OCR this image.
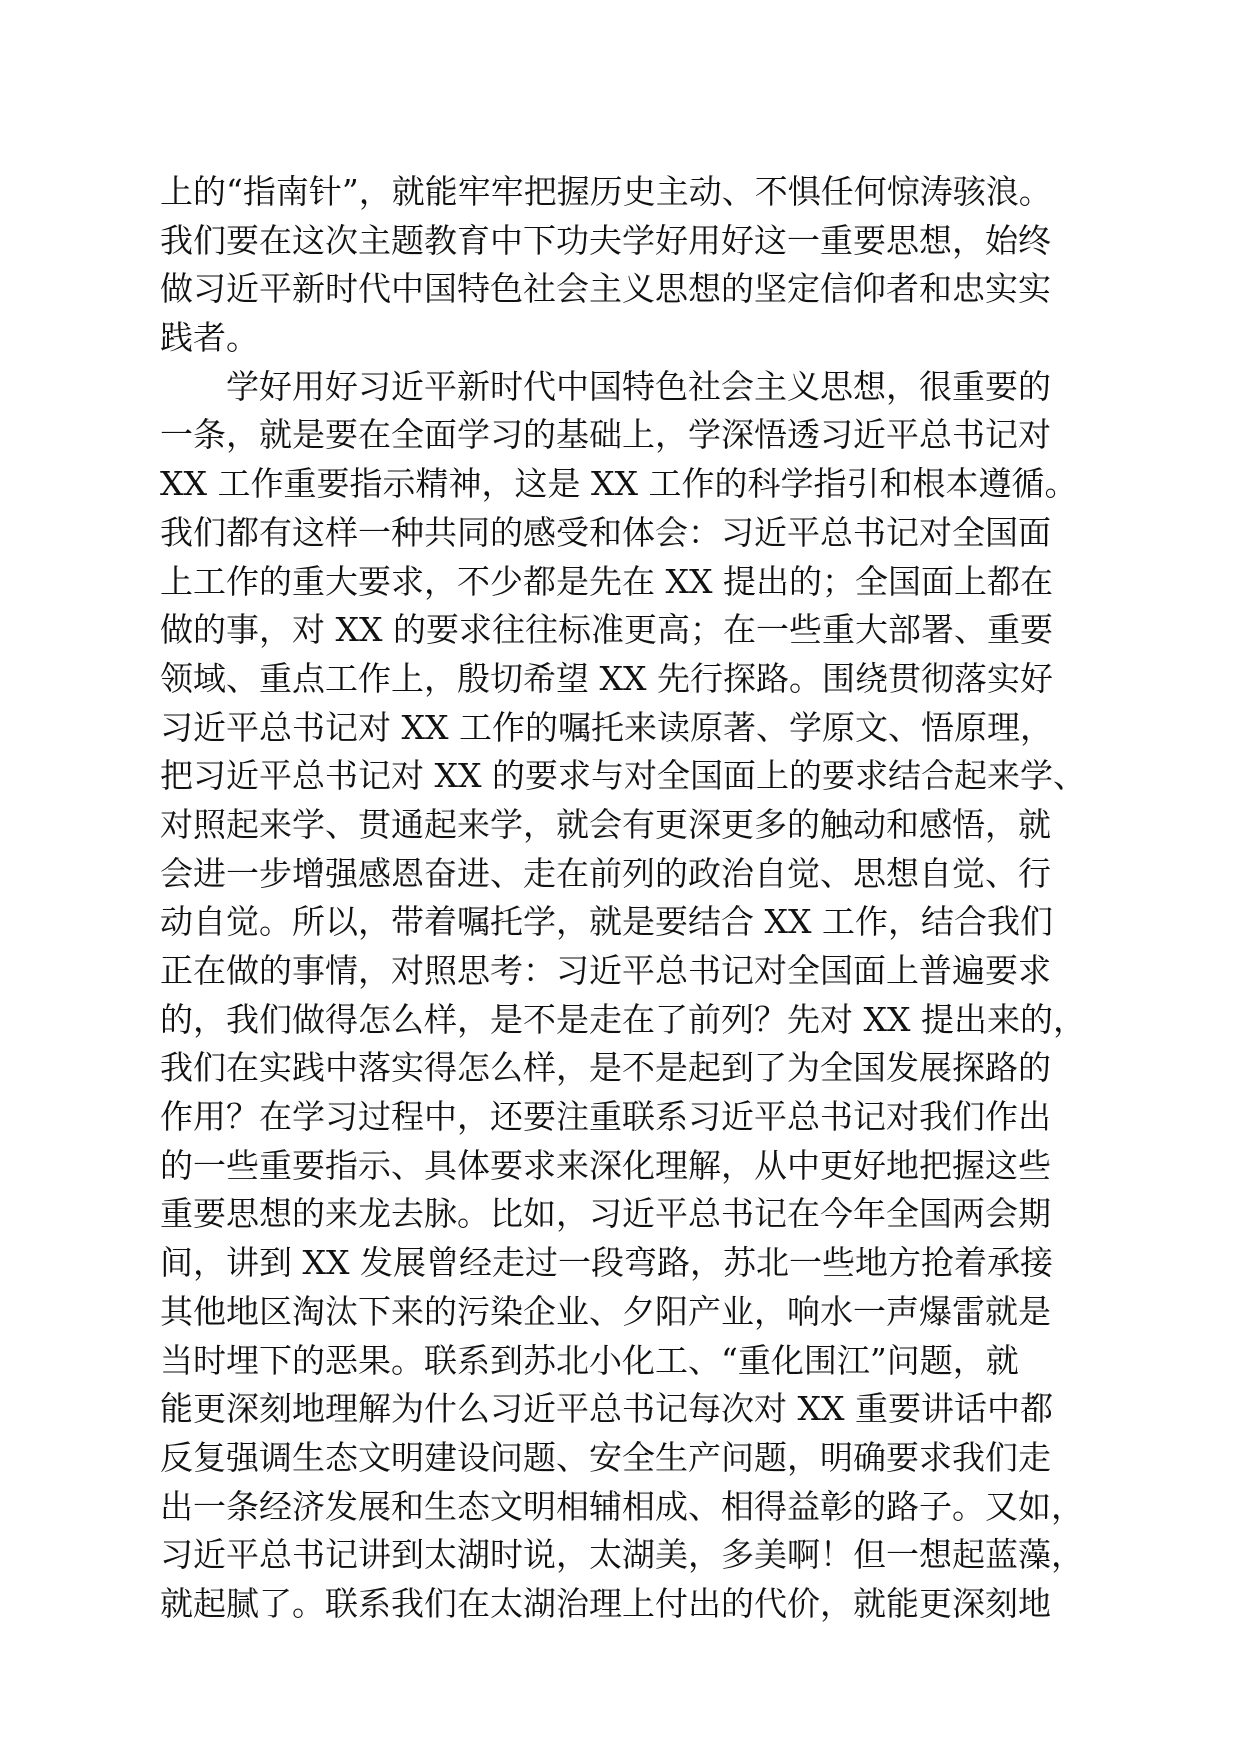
上的“指南针”，就能牢牢把握历史主动、不惧任何惊涛骇浪。
我们要在这次主题教育中下功夫学好用好这一重要思想，始终
做习近平新时代中国特色社会主义思想的坚定信仰者和忠实实
践者。
学好用好习近平新时代中国特色社会主义思想，很重要的
一条，就是要在全面学习的基础上，学深悟透习近平总书记对
XX 工作重要指示精神，这是 XX 工作的科学指引和根本遵循。
我们都有这样一种共同的感受和体会：习近平总书记对全国面
上工作的重大要求，不少都是先在 XX 提出的；全国面上都在
做的事，对 XX 的要求往往标准更高；在一些重大部署、重要
领域、重点工作上，殷切希望 XX 先行探路。围绕贯彻落实好
习近平总书记对 XX 工作的嘱托来读原著、学原文、悟原理，
把习近平总书记对 XX 的要求与对全国面上的要求结合起来学、
对照起来学、贯通起来学，就会有更深更多的触动和感悟，就
会进一步增强感恩奋进、走在前列的政治自觉、思想自觉、行
动自觉。所以，带着嘱托学，就是要结合 XX 工作，结合我们
正在做的事情，对照思考：习近平总书记对全国面上普遍要求
的，我们做得怎么样，是不是走在了前列？先对 XX 提出来的，
我们在实践中落实得怎么样，是不是起到了为全国发展探路的
作用？在学习过程中，还要注重联系习近平总书记对我们作出
的一些重要指示、具体要求来深化理解，从中更好地把握这些
重要思想的来龙去脉。比如，习近平总书记在今年全国两会期
间，讲到 XX 发展曾经走过一段弯路，苏北一些地方抢着承接
其他地区淘汰下来的污染企业、夕阳产业，响水一声爆雷就是
当时埋下的恶果。联系到苏北小化工、“重化围江”问题，就
能更深刻地理解为什么习近平总书记每次对 XX 重要讲话中都
反复强调生态文明建设问题、安全生产问题，明确要求我们走
出一条经济发展和生态文明相辅相成、相得益彰的路子。又如，
习近平总书记讲到太湖时说，太湖美，多美啊！但一想起蓝藻，
就起腻了。联系我们在太湖治理上付出的代价，就能更深刻地
